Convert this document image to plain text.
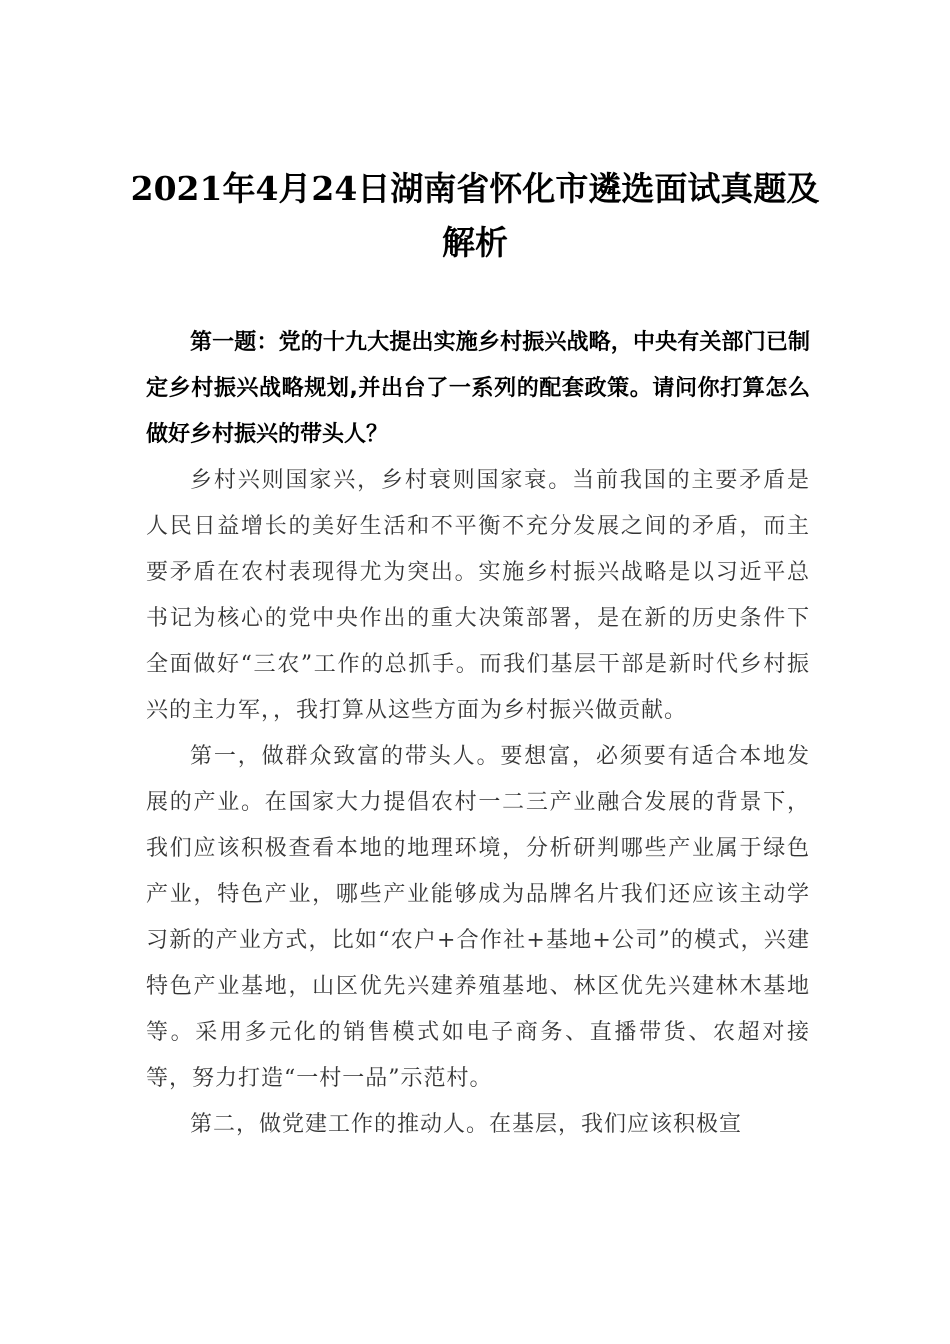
2021年4月24日湖南省怀化市遴选面试真题及解析

第一题：党的十九大提出实施乡村振兴战略，中央有关部门已制定乡村振兴战略规划,并出台了一系列的配套政策。请问你打算怎么做好乡村振兴的带头人？

乡村兴则国家兴，乡村衰则国家衰。当前我国的主要矛盾是人民日益增长的美好生活和不平衡不充分发展之间的矛盾，而主要矛盾在农村表现得尤为突出。实施乡村振兴战略是以习近平总书记为核心的党中央作出的重大决策部署，是在新的历史条件下全面做好“三农”工作的总抓手。而我们基层干部是新时代乡村振兴的主力军，，我打算从这些方面为乡村振兴做贡献。

第一，做群众致富的带头人。要想富，必须要有适合本地发展的产业。在国家大力提倡农村一二三产业融合发展的背景下，我们应该积极查看本地的地理环境，分析研判哪些产业属于绿色产业，特色产业，哪些产业能够成为品牌名片我们还应该主动学习新的产业方式，比如“农户+合作社+基地+公司”的模式，兴建特色产业基地，山区优先兴建养殖基地、林区优先兴建林木基地等。采用多元化的销售模式如电子商务、直播带货、农超对接等，努力打造“一村一品”示范村。

第二，做党建工作的推动人。在基层，我们应该积极宣
